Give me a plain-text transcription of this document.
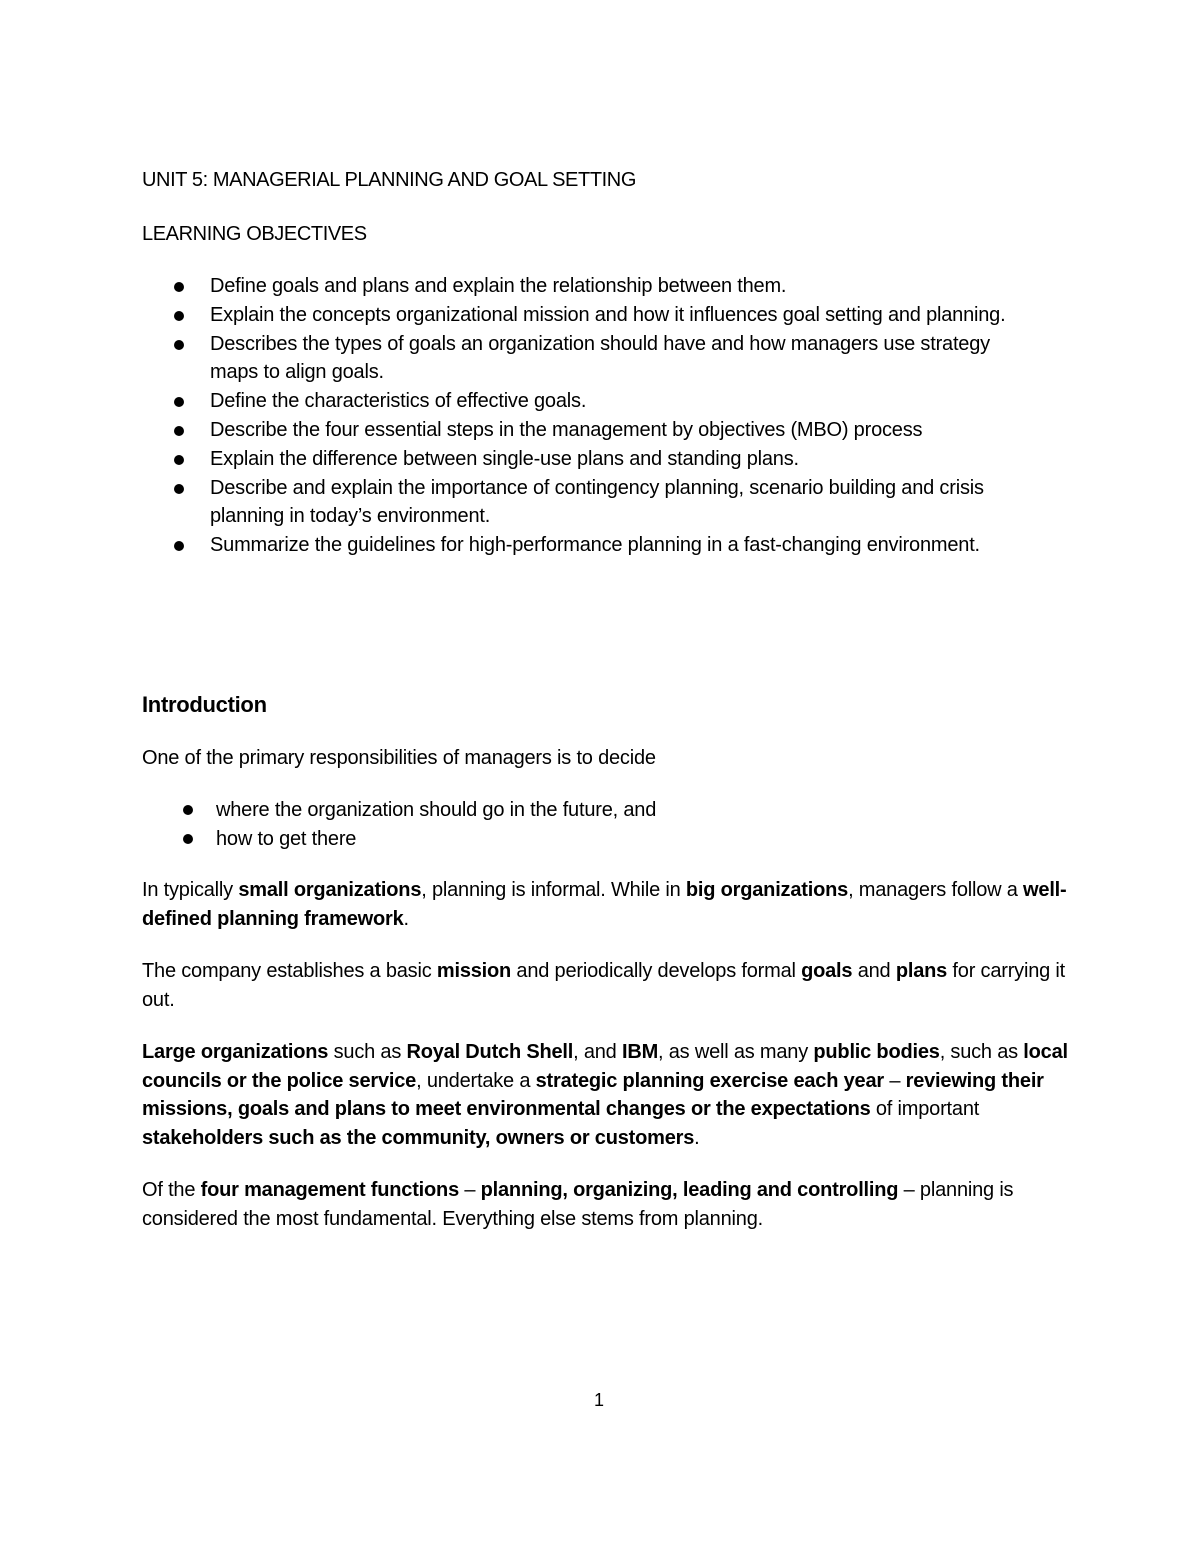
UNIT 5: MANAGERIAL PLANNING AND GOAL SETTING
LEARNING OBJECTIVES
Define goals and plans and explain the relationship between them.
Explain the concepts organizational mission and how it influences goal setting and planning.
Describes the types of goals an organization should have and how managers use strategy maps to align goals.
Define the characteristics of effective goals.
Describe the four essential steps in the management by objectives (MBO) process
Explain the difference between single-use plans and standing plans.
Describe and explain the importance of contingency planning, scenario building and crisis planning in today’s environment.
Summarize the guidelines for high-performance planning in a fast-changing environment.
Introduction
One of the primary responsibilities of managers is to decide
where the organization should go in the future, and
how to get there
In typically small organizations, planning is informal. While in big organizations, managers follow a well-defined planning framework.
The company establishes a basic mission and periodically develops formal goals and plans for carrying it out.
Large organizations such as Royal Dutch Shell, and IBM, as well as many public bodies, such as local councils or the police service, undertake a strategic planning exercise each year – reviewing their missions, goals and plans to meet environmental changes or the expectations of important stakeholders such as the community, owners or customers.
Of the four management functions – planning, organizing, leading and controlling – planning is considered the most fundamental. Everything else stems from planning.
1
